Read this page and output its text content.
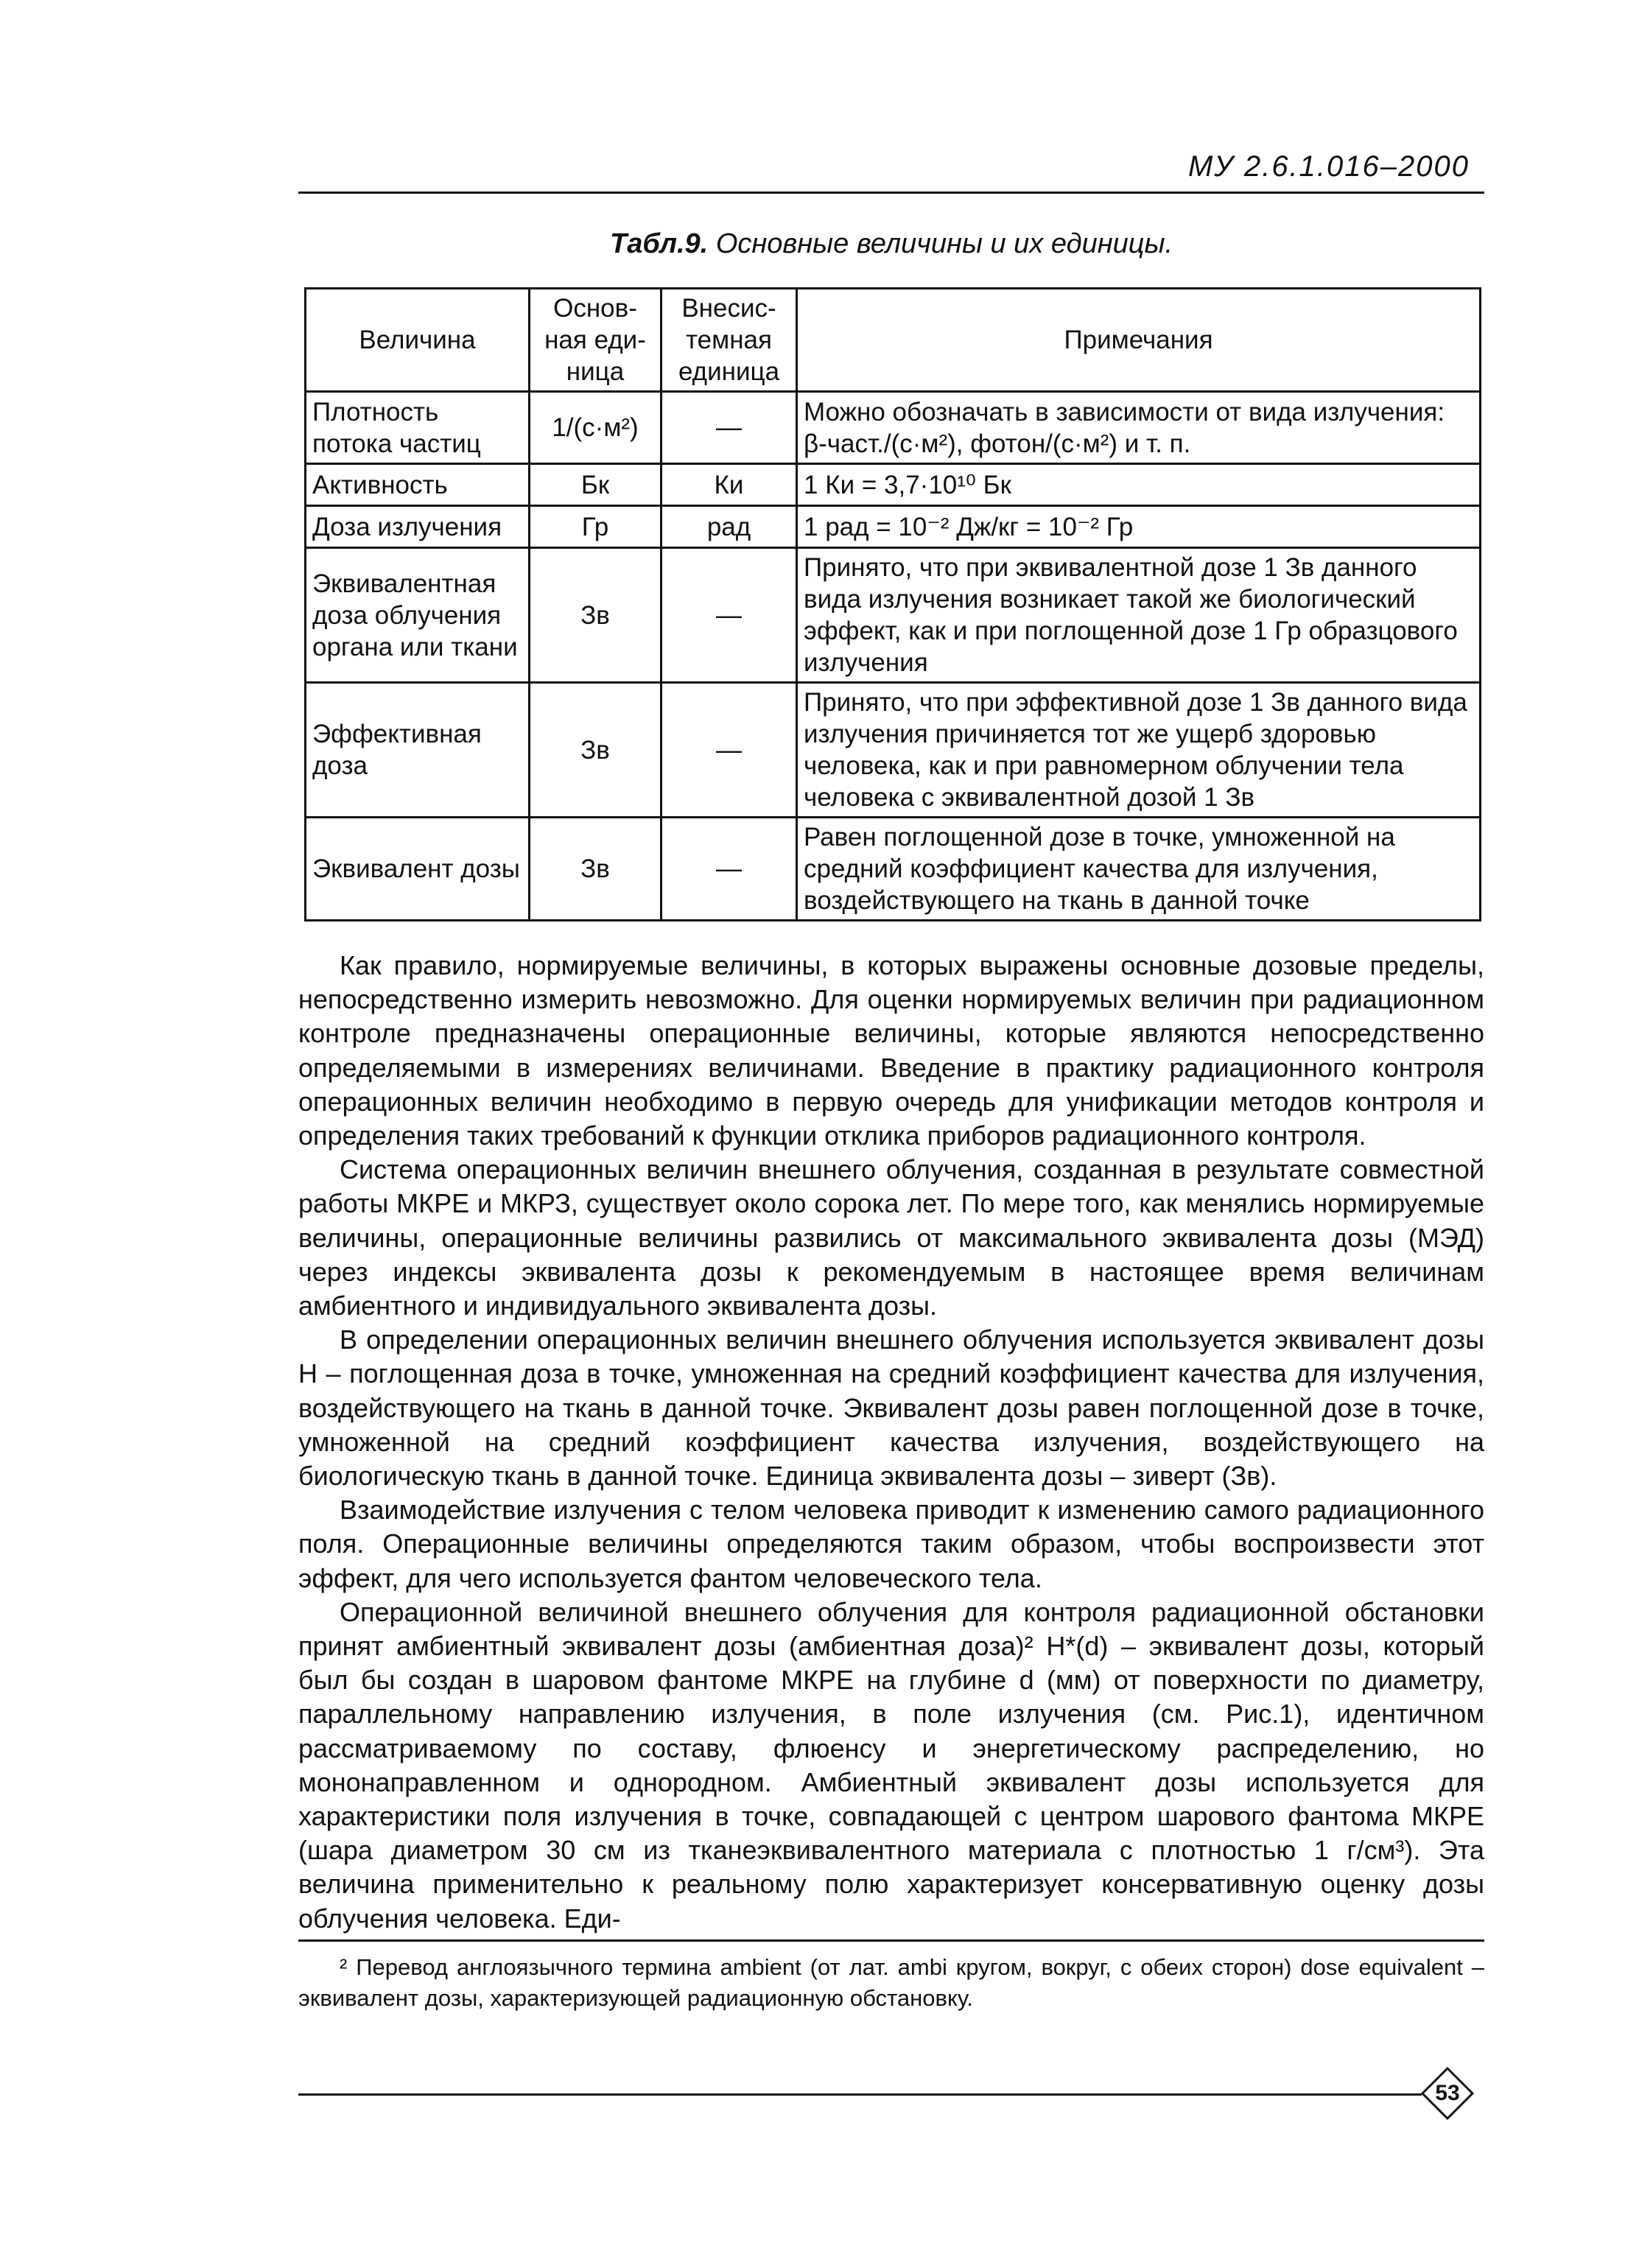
МУ 2.6.1.016–2000
Табл.9. Основные величины и их единицы.
Величина	Основ-ная еди-ница	Внесис-темная единица	Примечания
Плотность потока частиц	1/(с·м²)	—	Можно обозначать в зависимости от вида излучения: β-част./(с·м²), фотон/(с·м²) и т. п.
Активность	Бк	Ки	1 Ки = 3,7·10¹⁰ Бк
Доза излучения	Гр	рад	1 рад = 10⁻² Дж/кг = 10⁻² Гр
Эквивалентная доза облучения органа или ткани	Зв	—	Принято, что при эквивалентной дозе 1 Зв данного вида излучения возникает такой же биологический эффект, как и при поглощенной дозе 1 Гр образцового излучения
Эффективная доза	Зв	—	Принято, что при эффективной дозе 1 Зв данного вида излучения причиняется тот же ущерб здоровью человека, как и при равномерном облучении тела человека с эквивалентной дозой 1 Зв
Эквивалент дозы	Зв	—	Равен поглощенной дозе в точке, умноженной на средний коэффициент качества для излучения, воздействующего на ткань в данной точке

Как правило, нормируемые величины, в которых выражены основные дозовые пределы, непосредственно измерить невозможно. Для оценки нормируемых величин при радиационном контроле предназначены операционные величины, которые являются непосредственно определяемыми в измерениях величинами. Введение в практику радиационного контроля операционных величин необходимо в первую очередь для унификации методов контроля и определения таких требований к функции отклика приборов радиационного контроля.

Система операционных величин внешнего облучения, созданная в результате совместной работы МКРЕ и МКРЗ, существует около сорока лет. По мере того, как менялись нормируемые величины, операционные величины развились от максимального эквивалента дозы (МЭД) через индексы эквивалента дозы к рекомендуемым в настоящее время величинам амбиентного и индивидуального эквивалента дозы.

В определении операционных величин внешнего облучения используется эквивалент дозы H – поглощенная доза в точке, умноженная на средний коэффициент качества для излучения, воздействующего на ткань в данной точке. Эквивалент дозы равен поглощенной дозе в точке, умноженной на средний коэффициент качества излучения, воздействующего на биологическую ткань в данной точке. Единица эквивалента дозы – зиверт (Зв).

Взаимодействие излучения с телом человека приводит к изменению самого радиационного поля. Операционные величины определяются таким образом, чтобы воспроизвести этот эффект, для чего используется фантом человеческого тела.

Операционной величиной внешнего облучения для контроля радиационной обстановки принят амбиентный эквивалент дозы (амбиентная доза)² H*(d) – эквивалент дозы, который был бы создан в шаровом фантоме МКРЕ на глубине d (мм) от поверхности по диаметру, параллельному направлению излучения, в поле излучения (см. Рис.1), идентичном рассматриваемому по составу, флюенсу и энергетическому распределению, но мононаправленном и однородном. Амбиентный эквивалент дозы используется для характеристики поля излучения в точке, совпадающей с центром шарового фантома МКРЕ (шара диаметром 30 см из тканеэквивалентного материала с плотностью 1 г/см³). Эта величина применительно к реальному полю характеризует консервативную оценку дозы облучения человека. Еди-

² Перевод англоязычного термина ambient (от лат. ambi кругом, вокруг, с обеих сторон) dose equivalent – эквивалент дозы, характеризующей радиационную обстановку.

53
